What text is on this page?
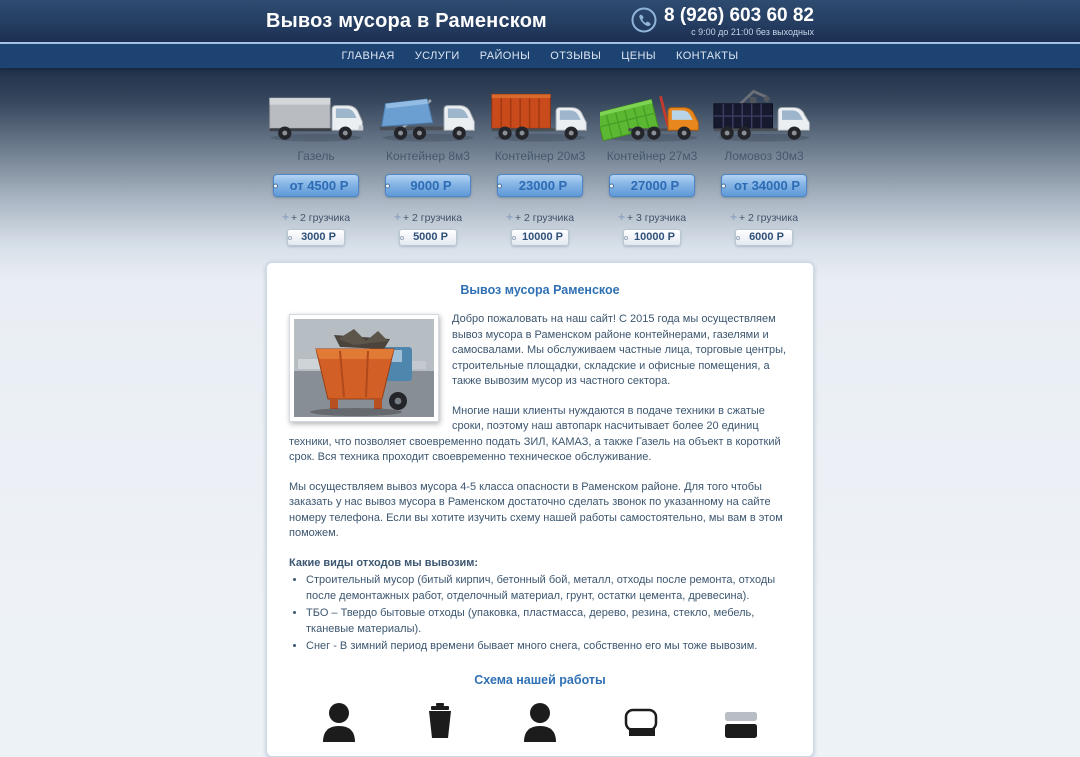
Вывоз мусора в Раменском	8 (926) 603 60 82
с 9:00 до 21:00 без выходных
ГЛАВНАЯ УСЛУГИ РАЙОНЫ ОТЗЫВЫ ЦЕНЫ КОНТАКТЫ
Газель
от 4500 Р
+ + 2 грузчика
3000 Р
Контейнер 8м3
9000 Р
+ + 2 грузчика
5000 Р
Контейнер 20м3
23000 Р
+ + 2 грузчика
10000 Р
Контейнер 27м3
27000 Р
+ + 3 грузчика
10000 Р
Ломовоз 30м3
от 34000 Р
+ + 2 грузчика
6000 Р
Вывоз мусора Раменское

Добро пожаловать на наш сайт! С 2015 года мы осуществляем вывоз мусора в Раменском районе контейнерами, газелями и самосвалами. Мы обслуживаем частные лица, торговые центры, строительные площадки, складские и офисные помещения, а также вывозим мусор из частного сектора.

Многие наши клиенты нуждаются в подаче техники в сжатые сроки, поэтому наш автопарк насчитывает более 20 единиц техники, что позволяет своевременно подать ЗИЛ, КАМАЗ, а также Газель на объект в короткий срок. Вся техника проходит своевременно техническое обслуживание.

Мы осуществляем вывоз мусора 4-5 класса опасности в Раменском районе. Для того чтобы заказать у нас вывоз мусора в Раменском достаточно сделать звонок по указанному на сайте номеру телефона. Если вы хотите изучить схему нашей работы самостоятельно, мы вам в этом поможем.

Какие виды отходов мы вывозим:

• Строительный мусор (битый кирпич, бетонный бой, металл, отходы после ремонта, отходы после демонтажных работ, отделочный материал, грунт, остатки цемента, древесина).
• ТБО – Твердо бытовые отходы (упаковка, пластмасса, дерево, резина, стекло, мебель, тканевые материалы).
• Снег - В зимний период времени бывает много снега, собственно его мы тоже вывозим.
Схема нашей работы
